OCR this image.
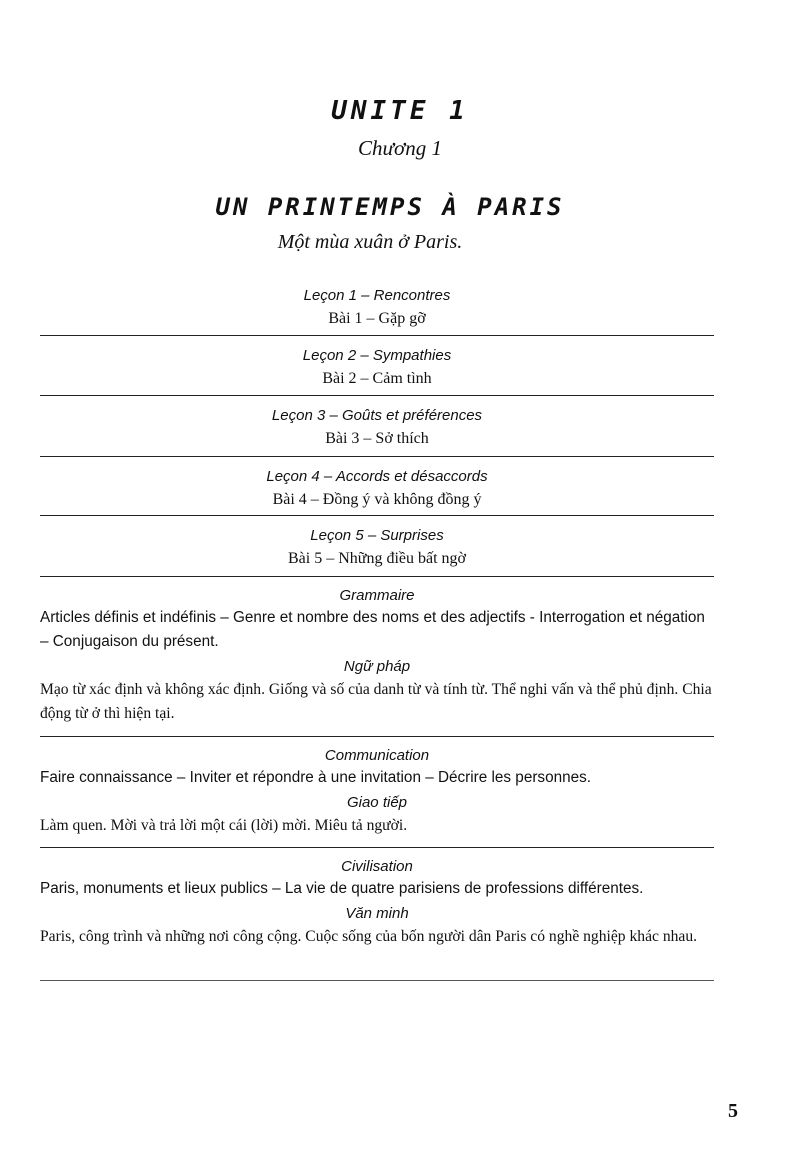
UNITE 1
Chương 1
UN PRINTEMPS À PARIS
Một mùa xuân ở Paris.
Leçon 1 – Rencontres
Bài 1 – Gặp gỡ
Leçon 2 – Sympathies
Bài 2 – Cảm tình
Leçon 3 – Goûts et préférences
Bài 3 – Sở thích
Leçon 4 – Accords et désaccords
Bài 4 – Đồng ý và không đồng ý
Leçon 5 – Surprises
Bài 5 – Những điều bất ngờ
Grammaire
Articles définis et indéfinis – Genre et nombre des noms et des adjectifs - Interrogation et négation – Conjugaison du présent.
Ngữ pháp
Mạo từ xác định và không xác định. Giống và số của danh từ và tính từ. Thể nghi vấn và thể phủ định. Chia động từ ở thì hiện tại.
Communication
Faire connaissance – Inviter et répondre à une invitation – Décrire les personnes.
Giao tiếp
Làm quen. Mời và trả lời một cái (lời) mời. Miêu tả người.
Civilisation
Paris, monuments et lieux publics – La vie de quatre parisiens de professions différentes.
Văn minh
Paris, công trình và những nơi công cộng. Cuộc sống của bốn người dân Paris có nghề nghiệp khác nhau.
5
